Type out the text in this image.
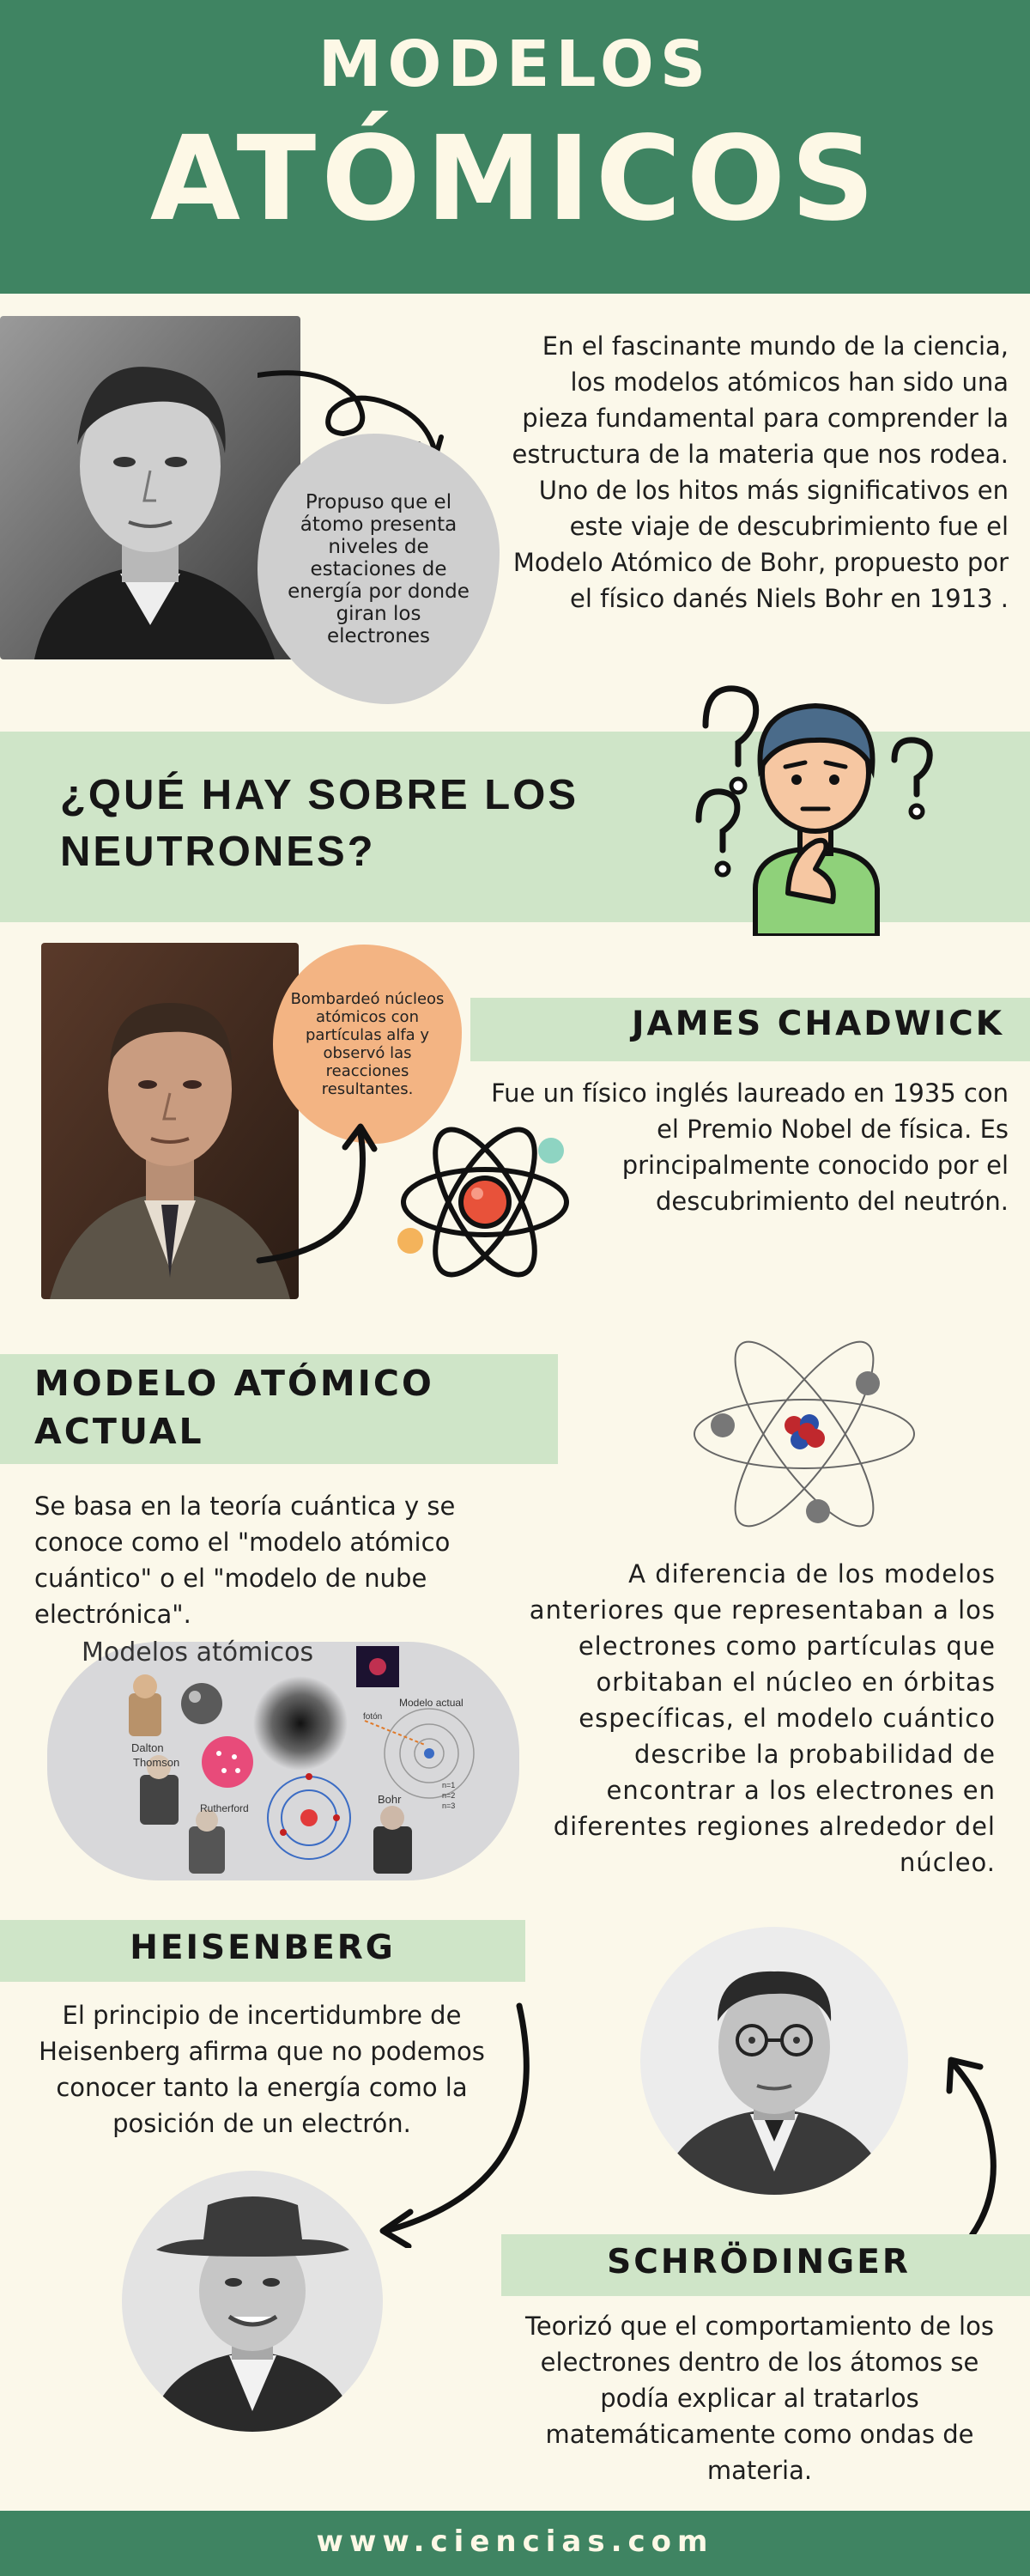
MODELOS
ATÓMICOS
Propuso que el átomo presenta niveles de estaciones de energía por donde giran los electrones
En el fascinante mundo de la ciencia, los modelos atómicos han sido una pieza fundamental para comprender la estructura de la materia que nos rodea. Uno de los hitos más significativos en este viaje de descubrimiento fue el Modelo Atómico de Bohr, propuesto por el físico danés Niels Bohr en 1913 .
¿QUÉ HAY SOBRE LOS
NEUTRONES?
Bombardeó núcleos atómicos con partículas alfa y observó las reacciones resultantes.
JAMES CHADWICK
Fue un físico inglés laureado en 1935 con el Premio Nobel de física. Es principalmente conocido por el descubrimiento del neutrón.
MODELO ATÓMICO
ACTUAL
Se basa en la teoría cuántica y se conoce como el "modelo atómico cuántico" o el "modelo de nube electrónica".
Dalton
Thomson
Rutherford
Bohr
Modelo actual
fotón
n=1
n=2
n=3
Modelos atómicos
A diferencia de los modelos anteriores que representaban a los electrones como partículas que orbitaban el núcleo en órbitas específicas, el modelo cuántico describe la probabilidad de encontrar a los electrones en diferentes regiones alrededor del núcleo.
HEISENBERG
El principio de incertidumbre de Heisenberg afirma que no podemos conocer tanto la energía como la posición de un electrón.
SCHRÖDINGER
Teorizó que el comportamiento de los electrones dentro de los átomos se podía explicar al tratarlos matemáticamente como ondas de materia.
www.ciencias.com
